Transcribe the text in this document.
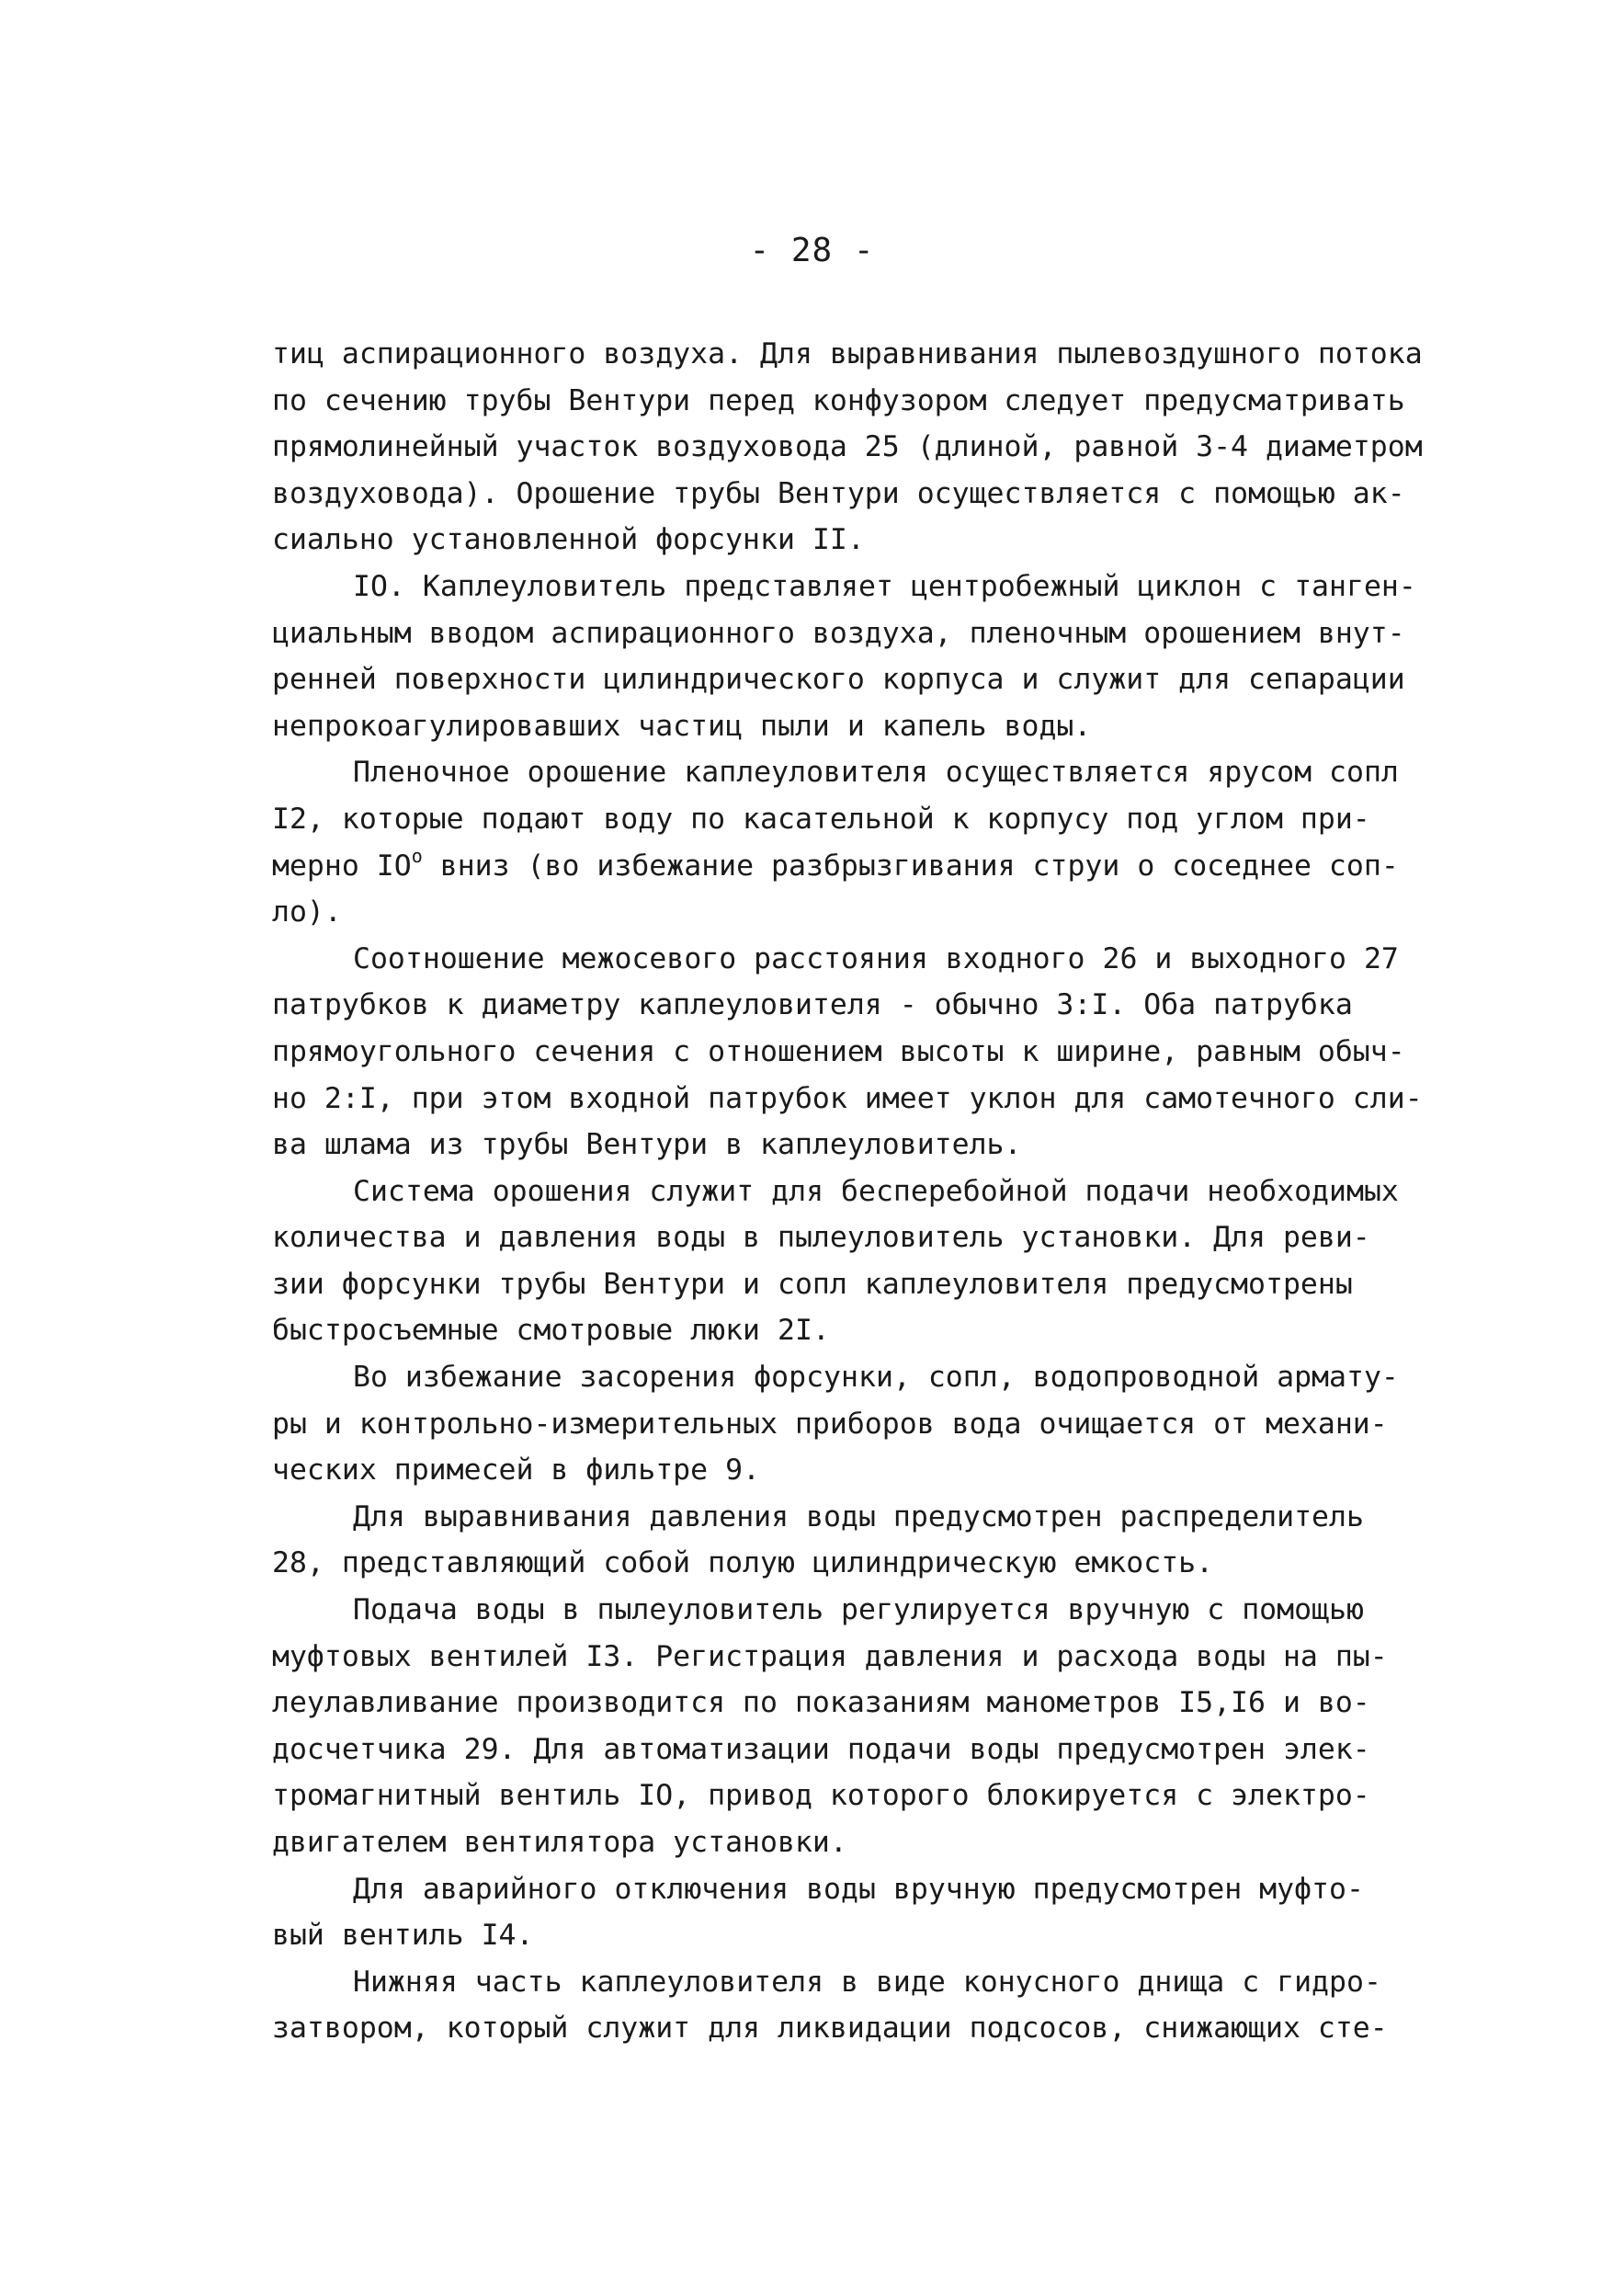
- 28 -
тиц аспирационного воздуха. Для выравнивания пылевоздушного потока
по сечению трубы Вентури перед конфузором следует предусматривать
прямолинейный участок воздуховода 25 (длиной, равной 3-4 диаметром
воздуховода). Орошение трубы Вентури осуществляется с помощью ак-
сиально установленной форсунки II.
IO. Каплеуловитель представляет центробежный циклон с танген-
циальным вводом аспирационного воздуха, пленочным орошением внут-
ренней поверхности цилиндрического корпуса и служит для сепарации
непрокоагулировавших частиц пыли и капель воды.
Пленочное орошение каплеуловителя осуществляется ярусом сопл
I2, которые подают воду по касательной к корпусу под углом при-
мерно $IO^o$ вниз (во избежание разбрызгивания струи о соседнее соп-
ло).
Соотношение межосевого расстояния входного 26 и выходного 27
патрубков к диаметру каплеуловителя - обычно 3:I. Оба патрубка
прямоугольного сечения с отношением высоты к ширине, равным обыч-
но 2:I, при этом входной патрубок имеет уклон для самотечного сли-
ва шлама из трубы Вентури в каплеуловитель.
Система орошения служит для бесперебойной подачи необходимых
количества и давления воды в пылеуловитель установки. Для реви-
зии форсунки трубы Вентури и сопл каплеуловителя предусмотрены
быстросъемные смотровые люки 2I.
Во избежание засорения форсунки, сопл, водопроводной армату-
ры и контрольно-измерительных приборов вода очищается от механи-
ческих примесей в фильтре 9.
Для выравнивания давления воды предусмотрен распределитель
28, представляющий собой полую цилиндрическую емкость.
Подача воды в пылеуловитель регулируется вручную с помощью
муфтовых вентилей I3. Регистрация давления и расхода воды на пы-
леулавливание производится по показаниям манометров I5,I6 и во-
досчетчика 29. Для автоматизации подачи воды предусмотрен элек-
тромагнитный вентиль IO, привод которого блокируется с электро-
двигателем вентилятора установки.
Для аварийного отключения воды вручную предусмотрен муфто-
вый вентиль I4.
Нижняя часть каплеуловителя в виде конусного днища с гидро-
затвором, который служит для ликвидации подсосов, снижающих сте-
